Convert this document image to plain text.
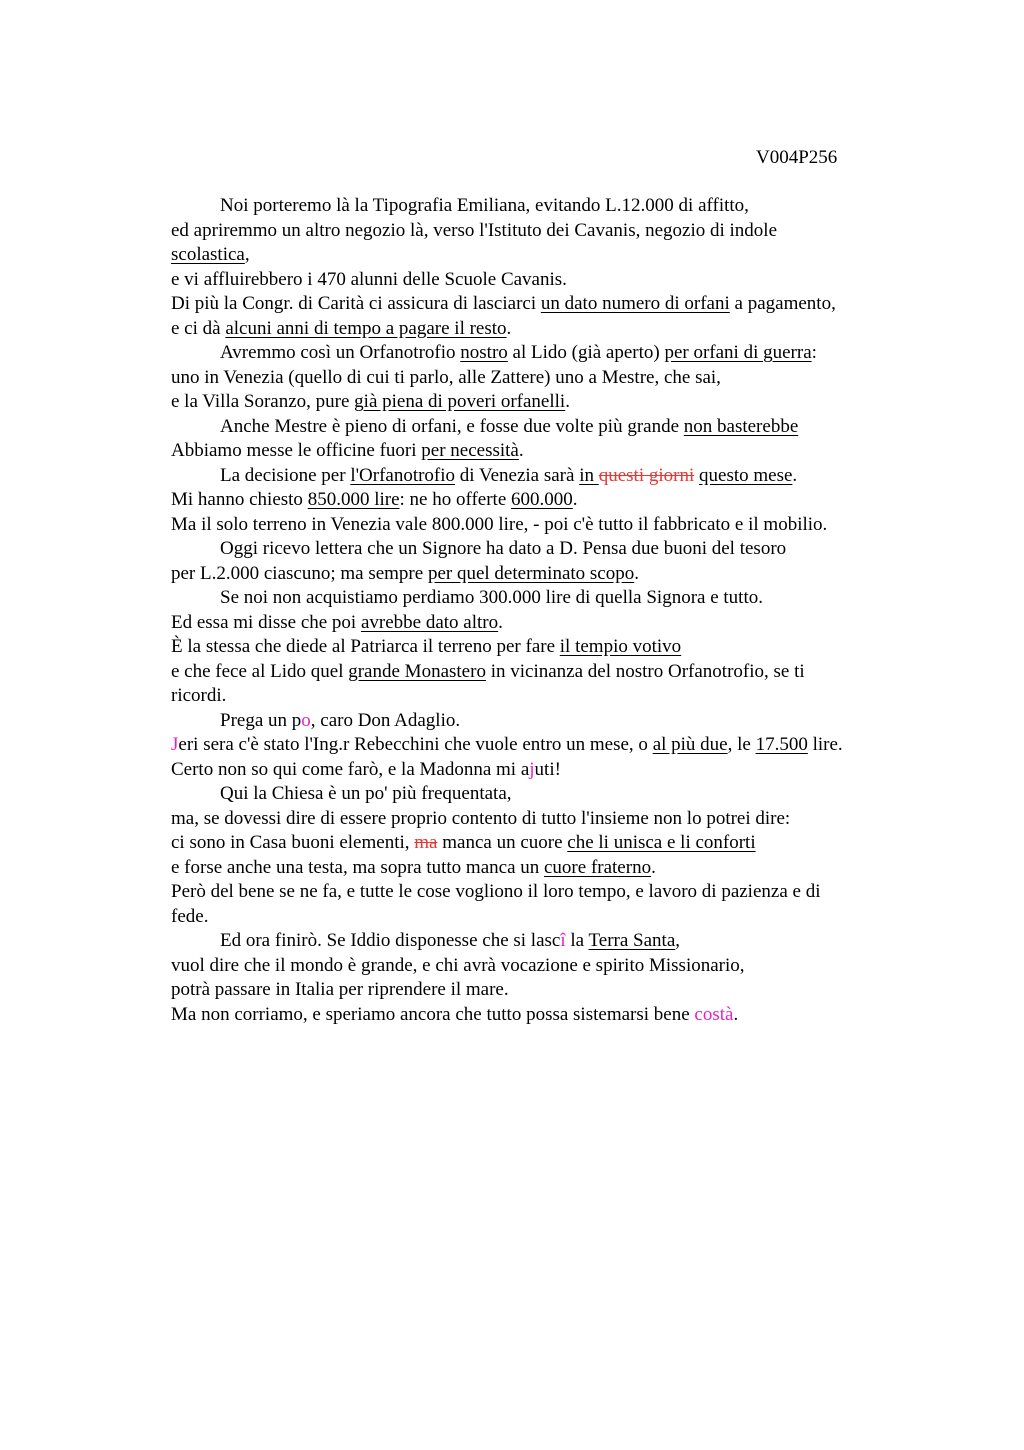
V004P256
Noi porteremo là la Tipografia Emiliana, evitando L.12.000 di affitto,
ed apriremmo un altro negozio là, verso l'Istituto dei Cavanis, negozio di indole
scolastica,
e vi affluirebbero i 470 alunni delle Scuole Cavanis.
Di più la Congr. di Carità ci assicura di lasciarci un dato numero di orfani a pagamento,
e ci dà alcuni anni di tempo a pagare il resto.
Avremmo così un Orfanotrofio nostro al Lido (già aperto) per orfani di guerra:
uno in Venezia (quello di cui ti parlo, alle Zattere) uno a Mestre, che sai,
e la Villa Soranzo, pure già piena di poveri orfanelli.
Anche Mestre è pieno di orfani, e fosse due volte più grande non basterebbe
Abbiamo messe le officine fuori per necessità.
La decisione per l'Orfanotrofio di Venezia sarà in questi giorni questo mese.
Mi hanno chiesto 850.000 lire: ne ho offerte 600.000.
Ma il solo terreno in Venezia vale 800.000 lire, - poi c'è tutto il fabbricato e il mobilio.
Oggi ricevo lettera che un Signore ha dato a D. Pensa due buoni del tesoro
per L.2.000 ciascuno; ma sempre per quel determinato scopo.
Se noi non acquistiamo perdiamo 300.000 lire di quella Signora e tutto.
Ed essa mi disse che poi avrebbe dato altro.
È la stessa che diede al Patriarca il terreno per fare il tempio votivo
e che fece al Lido quel grande Monastero in vicinanza del nostro Orfanotrofio, se ti
ricordi.
Prega un po, caro Don Adaglio.
Jeri sera c'è stato l'Ing.r Rebecchini che vuole entro un mese, o al più due, le 17.500 lire.
Certo non so qui come farò, e la Madonna mi ajuti!
Qui la Chiesa è un po' più frequentata,
ma, se dovessi dire di essere proprio contento di tutto l'insieme non lo potrei dire:
ci sono in Casa buoni elementi, ma manca un cuore che li unisca e li conforti
e forse anche una testa, ma sopra tutto manca un cuore fraterno.
Però del bene se ne fa, e tutte le cose vogliono il loro tempo, e lavoro di pazienza e di
fede.
Ed ora finirò. Se Iddio disponesse che si lascî la Terra Santa,
vuol dire che il mondo è grande, e chi avrà vocazione e spirito Missionario,
potrà passare in Italia per riprendere il mare.
Ma non corriamo, e speriamo ancora che tutto possa sistemarsi bene costà.
